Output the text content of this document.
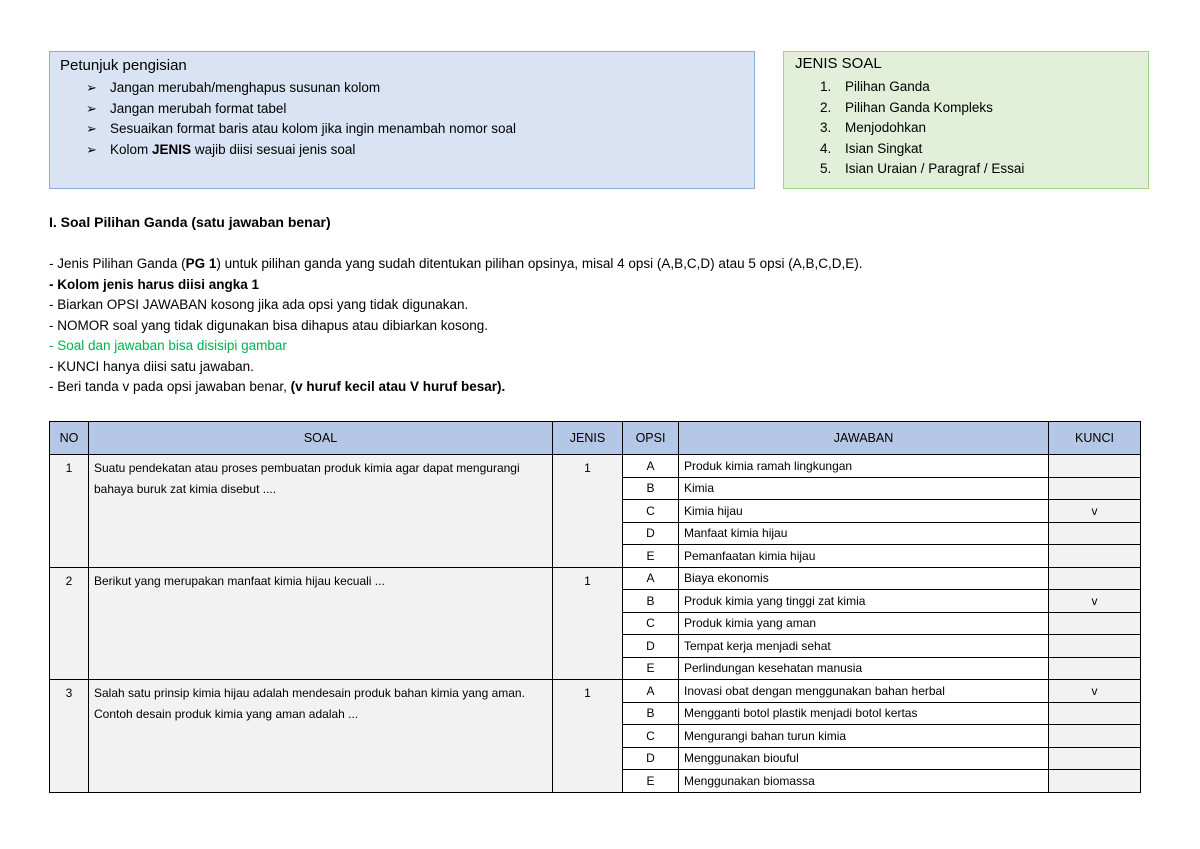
Petunjuk pengisian
➢ Jangan merubah/menghapus susunan kolom
➢ Jangan merubah format tabel
➢ Sesuaikan format baris atau kolom jika ingin menambah nomor soal
➢ Kolom JENIS wajib diisi sesuai jenis soal
JENIS SOAL
1. Pilihan Ganda
2. Pilihan Ganda Kompleks
3. Menjodohkan
4. Isian Singkat
5. Isian Uraian / Paragraf / Essai
I. Soal Pilihan Ganda (satu jawaban benar)
- Jenis Pilihan Ganda (PG 1) untuk pilihan ganda yang sudah ditentukan pilihan opsinya, misal 4 opsi (A,B,C,D) atau 5 opsi (A,B,C,D,E).
- Kolom jenis harus diisi angka 1
- Biarkan OPSI JAWABAN kosong jika ada opsi yang tidak digunakan.
- NOMOR soal yang tidak digunakan bisa dihapus atau dibiarkan kosong.
- Soal dan jawaban bisa disisipi gambar
- KUNCI hanya diisi satu jawaban.
- Beri tanda v pada opsi jawaban benar, (v huruf kecil atau V huruf besar).
NO	SOAL	JENIS	OPSI	JAWABAN	KUNCI
1	Suatu pendekatan atau proses pembuatan produk kimia agar dapat mengurangi bahaya buruk zat kimia disebut ....	1	A	Produk kimia ramah lingkungan	
			B	Kimia	
			C	Kimia hijau	v
			D	Manfaat kimia hijau	
			E	Pemanfaatan kimia hijau	
2	Berikut yang merupakan manfaat kimia hijau kecuali ...	1	A	Biaya ekonomis	
			B	Produk kimia yang tinggi zat kimia	v
			C	Produk kimia yang aman	
			D	Tempat kerja menjadi sehat	
			E	Perlindungan kesehatan manusia	
3	Salah satu prinsip kimia hijau adalah mendesain produk bahan kimia yang aman. Contoh desain produk kimia yang aman adalah ...	1	A	Inovasi obat dengan menggunakan bahan herbal	v
			B	Mengganti botol plastik menjadi botol kertas	
			C	Mengurangi bahan turun kimia	
			D	Menggunakan biouful	
			E	Menggunakan biomassa	
